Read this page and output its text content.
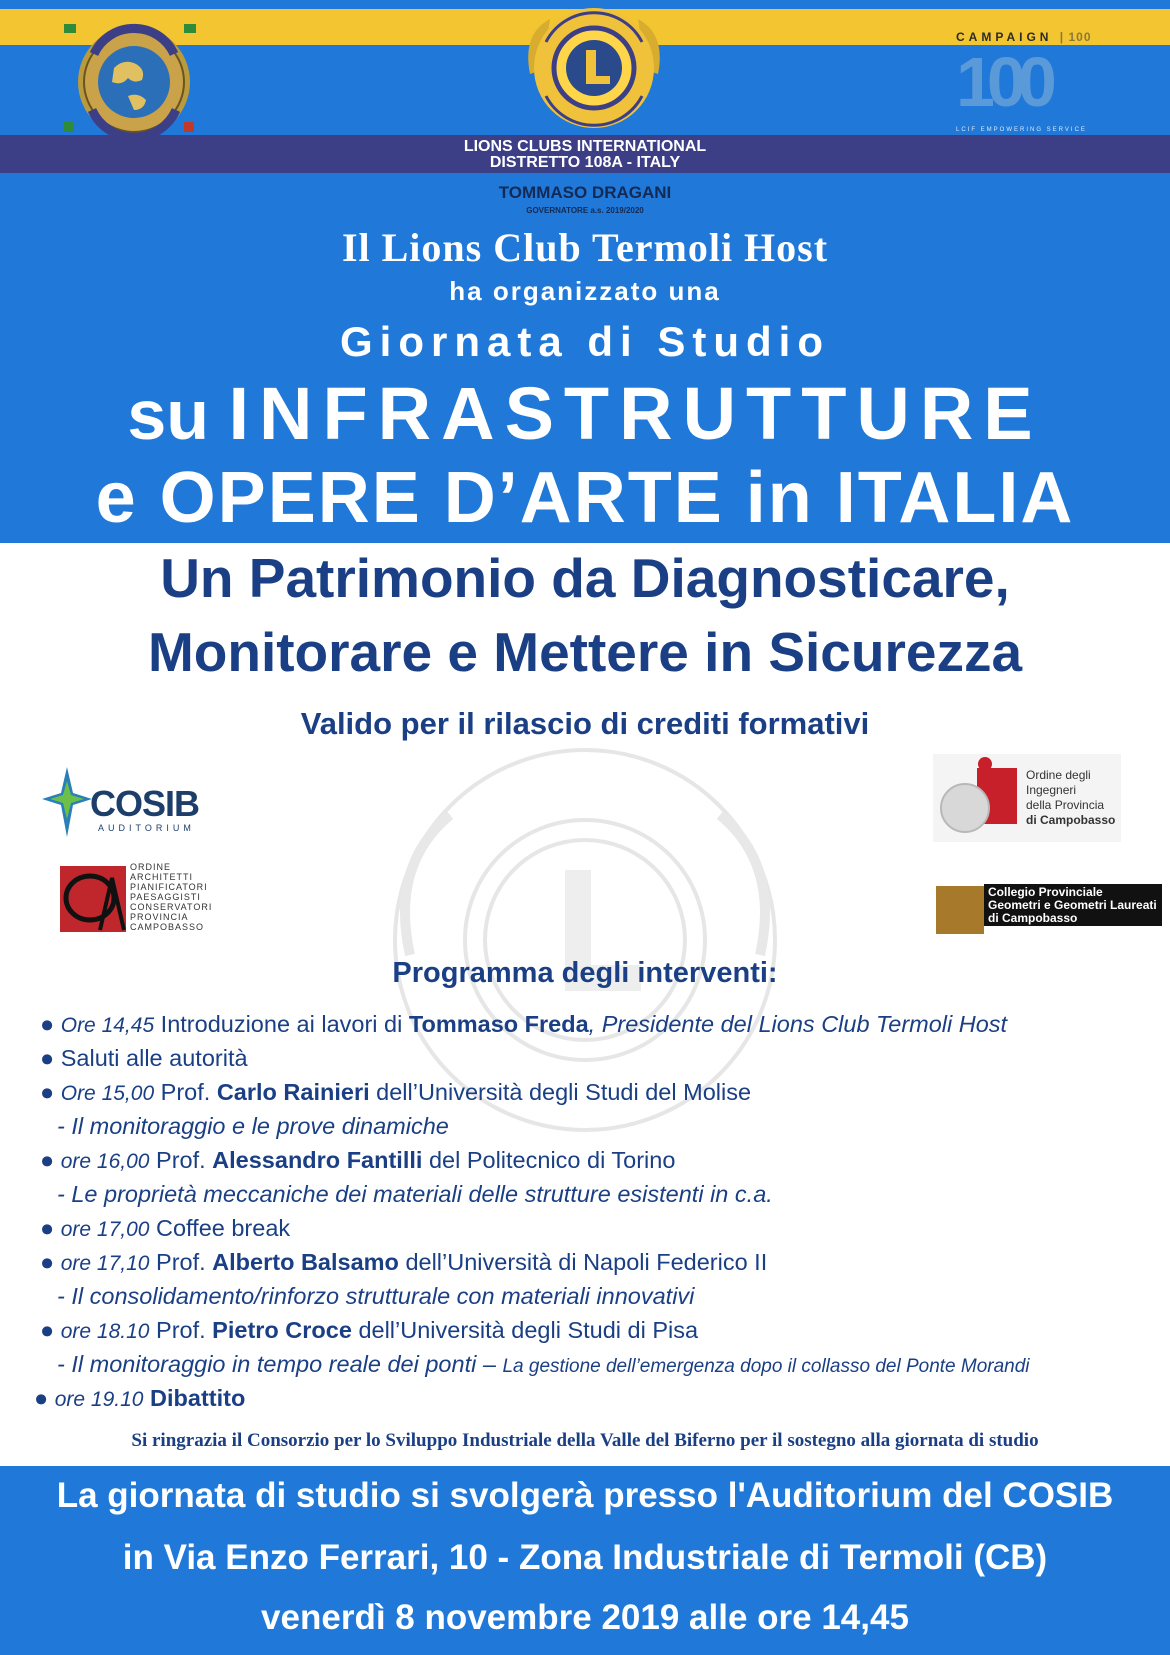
LIONS CLUBS INTERNATIONAL
DISTRETTO 108A - ITALY
CAMPAIGN | 100
100
LCIF EMPOWERING SERVICE
TOMMASO DRAGANI
GOVERNATORE a.s. 2019/2020
Il Lions Club Termoli Host
ha organizzato una
Giornata di Studio
su INFRASTRUTTURE
e OPERE D’ARTE in ITALIA
Un Patrimonio da Diagnosticare,
Monitorare e Mettere in Sicurezza
Valido per il rilascio di crediti formativi
COSIB
AUDITORIUM
ORDINE
ARCHITETTI
PIANIFICATORI
PAESAGGISTI
CONSERVATORI
PROVINCIA
CAMPOBASSO
Ordine degli
Ingegneri
della Provincia
di Campobasso
Collegio Provinciale
Geometri e Geometri Laureati
di Campobasso
Programma degli interventi:
● Ore 14,45 Introduzione ai lavori di Tommaso Freda, Presidente del Lions Club Termoli Host
● Saluti alle autorità
● Ore 15,00 Prof. Carlo Rainieri dell’Università degli Studi del Molise
- Il monitoraggio e le prove dinamiche
● ore 16,00 Prof. Alessandro Fantilli del Politecnico di Torino
- Le proprietà meccaniche dei materiali delle strutture esistenti in c.a.
● ore 17,00 Coffee break
● ore 17,10 Prof. Alberto Balsamo dell’Università di Napoli Federico II
- Il consolidamento/rinforzo strutturale con materiali innovativi
● ore 18.10 Prof. Pietro Croce dell’Università degli Studi di Pisa
- Il monitoraggio in tempo reale dei ponti – La gestione dell’emergenza dopo il collasso del Ponte Morandi
● ore 19.10 Dibattito
Si ringrazia il Consorzio per lo Sviluppo Industriale della Valle del Biferno per il sostegno alla giornata di studio
La giornata di studio si svolgerà presso l'Auditorium del COSIB
in Via Enzo Ferrari, 10 - Zona Industriale di Termoli (CB)
venerdì 8 novembre 2019 alle ore 14,45
